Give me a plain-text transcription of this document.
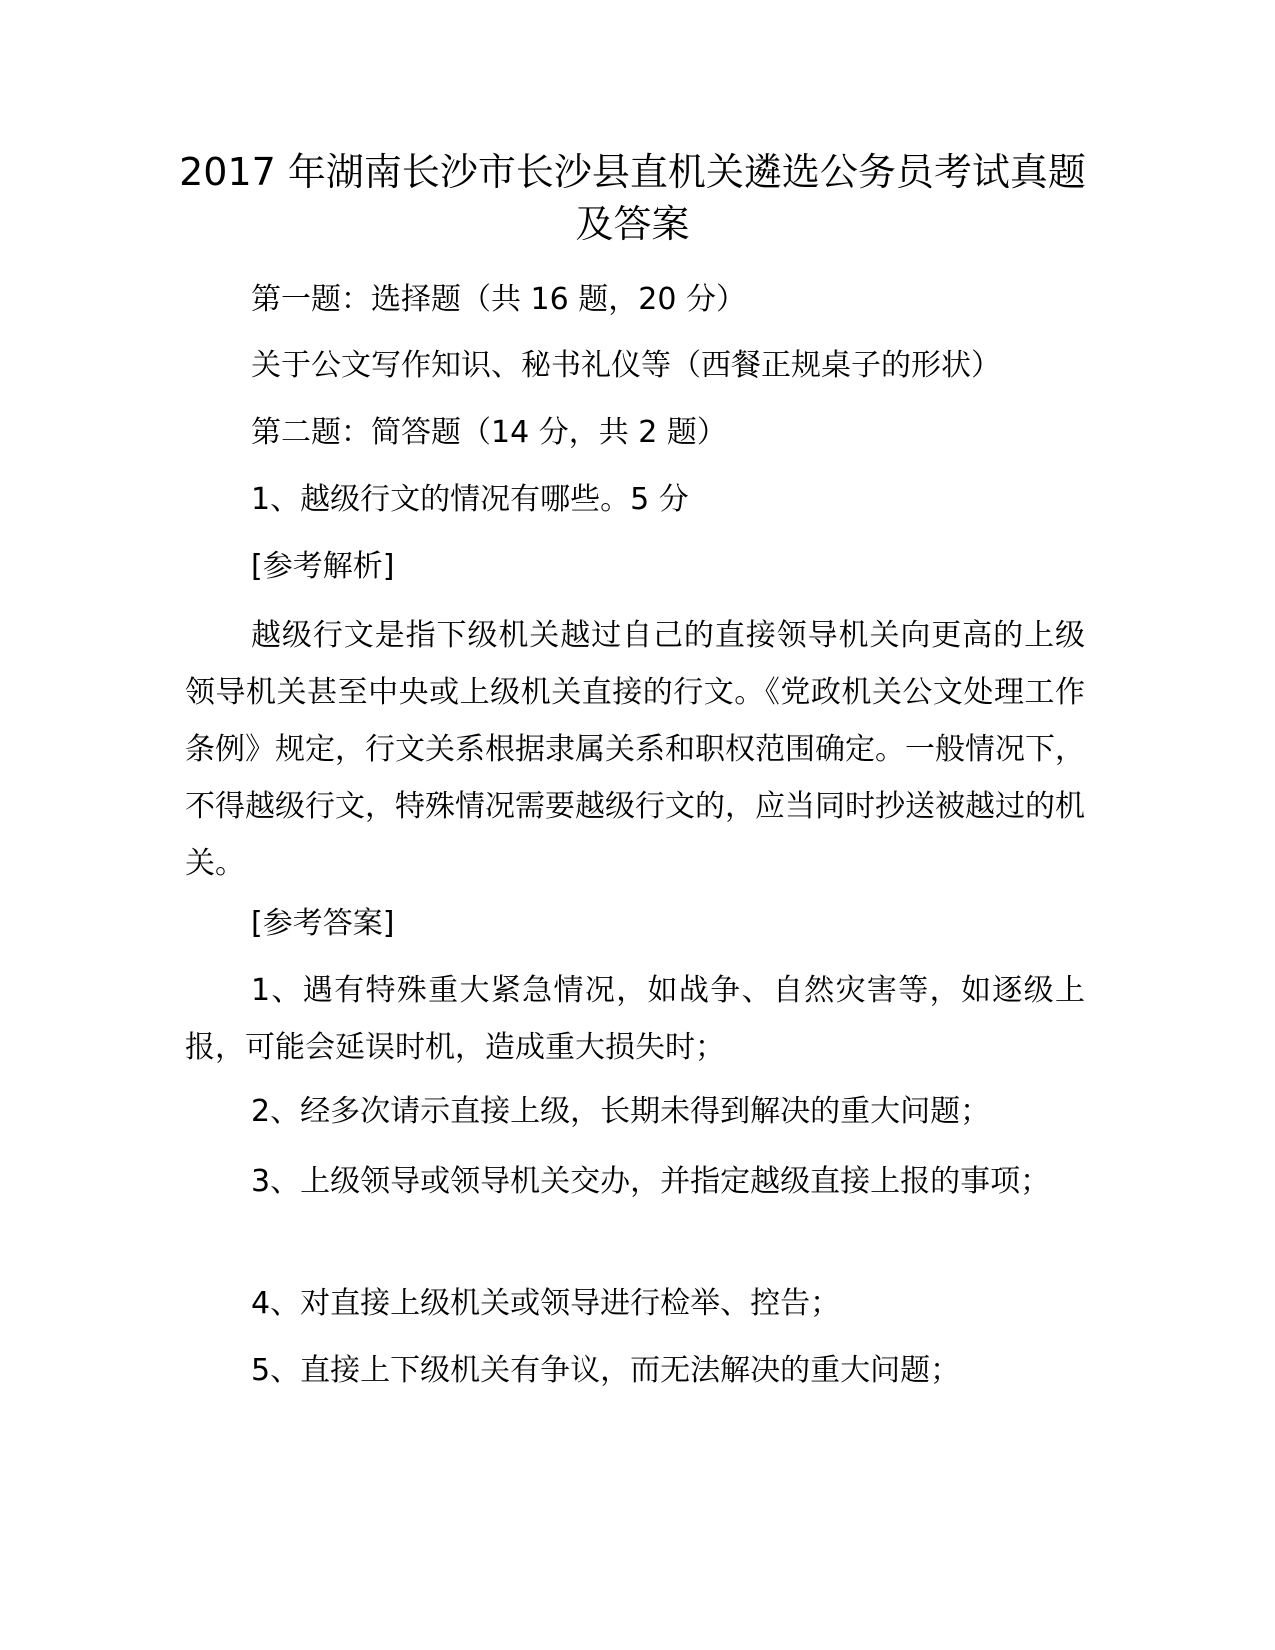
2017 年湖南长沙市长沙县直机关遴选公务员考试真题及答案

第一题：选择题（共 16 题，20 分）

关于公文写作知识、秘书礼仪等（西餐正规桌子的形状）

第二题：简答题（14 分，共 2 题）

1、越级行文的情况有哪些。5 分

[参考解析]

越级行文是指下级机关越过自己的直接领导机关向更高的上级领导机关甚至中央或上级机关直接的行文。《党政机关公文处理工作条例》规定，行文关系根据隶属关系和职权范围确定。一般情况下，不得越级行文，特殊情况需要越级行文的，应当同时抄送被越过的机关。

[参考答案]

1、遇有特殊重大紧急情况，如战争、自然灾害等，如逐级上报，可能会延误时机，造成重大损失时；

2、经多次请示直接上级，长期未得到解决的重大问题；

3、上级领导或领导机关交办，并指定越级直接上报的事项；

4、对直接上级机关或领导进行检举、控告；

5、直接上下级机关有争议，而无法解决的重大问题；
